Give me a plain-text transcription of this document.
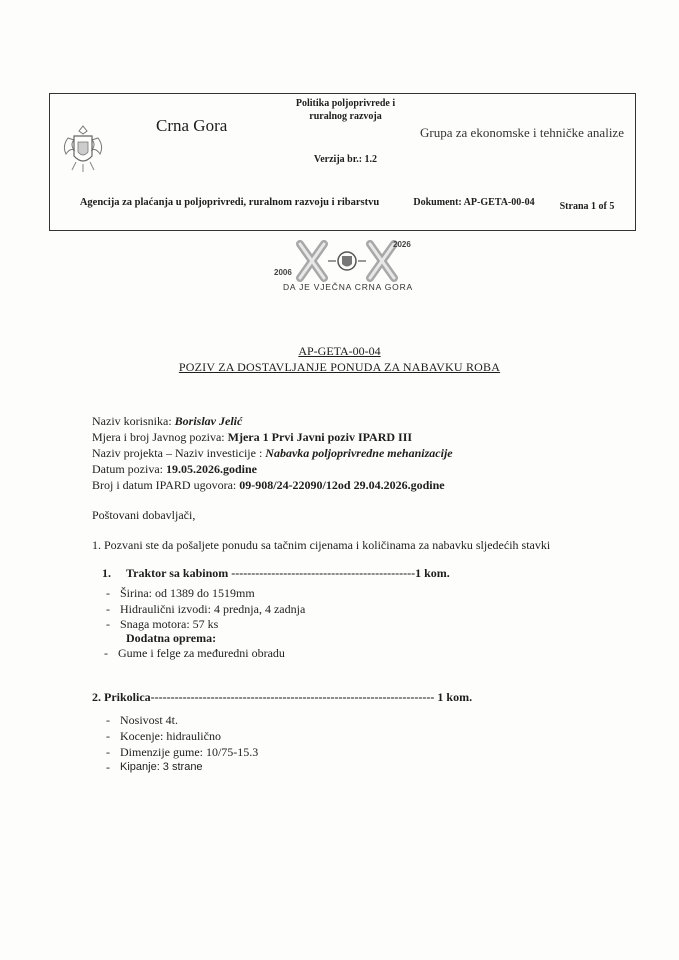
Crna Gora
Politika poljoprivrede i ruralnog razvoja
Verzija br.: 1.2
Grupa za ekonomske i tehničke analize
Agencija za plaćanja u poljoprivredi, ruralnom razvoju i ribarstvu	Dokument: AP-GETA-00-04	Strana 1 of 5
2006
2026
DA JE VJEČNA CRNA GORA
AP-GETA-00-04
POZIV ZA DOSTAVLJANJE PONUDA ZA NABAVKU ROBA
Naziv korisnika: Borislav Jelić
Mjera i broj Javnog poziva: Mjera 1 Prvi Javni poziv IPARD III
Naziv projekta – Naziv investicije : Nabavka poljoprivredne mehanizacije
Datum poziva: 19.05.2026.godine
Broj i datum IPARD ugovora: 09-908/24-22090/12od 29.04.2026.godine
Poštovani dobavljači,
1. Pozvani ste da pošaljete ponudu sa tačnim cijenama i količinama za nabavku sljedećih stavki
1. Traktor sa kabinom ----------------------------------------------1 kom.
- Širina: od 1389 do 1519mm
- Hidraulični izvodi: 4 prednja, 4 zadnja
- Snaga motora: 57 ks
Dodatna oprema:
- Gume i felge za međuredni obradu
2. Prikolica----------------------------------------------------------------------- 1 kom.
- Nosivost 4t.
- Kocenje: hidraulično
- Dimenzije gume: 10/75-15.3
- Kipanje: 3 strane
